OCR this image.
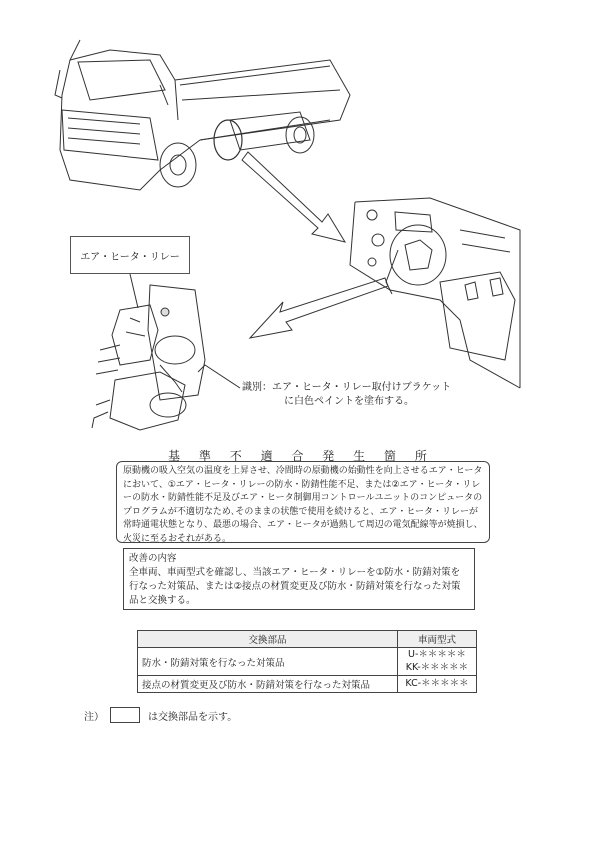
エア・ヒータ・リレー
識別：エア・ヒータ・リレー取付けブラケット
に白色ペイントを塗布する。
基 準 不 適 合 発 生 箇 所
原動機の吸入空気の温度を上昇させ、冷間時の原動機の始動性を向上させるエア・ヒータにおいて、①エア・ヒータ・リレーの防水・防錆性能不足、または②エア・ヒータ・リレーの防水・防錆性能不足及びエア・ヒータ制御用コントロールユニットのコンピュータのプログラムが不適切なため､そのままの状態で使用を続けると、エア・ヒータ・リレーが常時通電状態となり、最悪の場合、エア・ヒータが過熱して周辺の電気配線等が焼損し、火災に至るおそれがある。
改善の内容
全車両、車両型式を確認し、当該エア・ヒータ・リレーを①防水・防錆対策を行なった対策品、または②接点の材質変更及び防水・防錆対策を行なった対策品と交換する。
交換部品	車両型式
防水・防錆対策を行なった対策品	U-＊＊＊＊＊
KK-＊＊＊＊＊

接点の材質変更及び防水・防錆対策を行なった対策品	KC-＊＊＊＊＊
注）	は交換部品を示す。
